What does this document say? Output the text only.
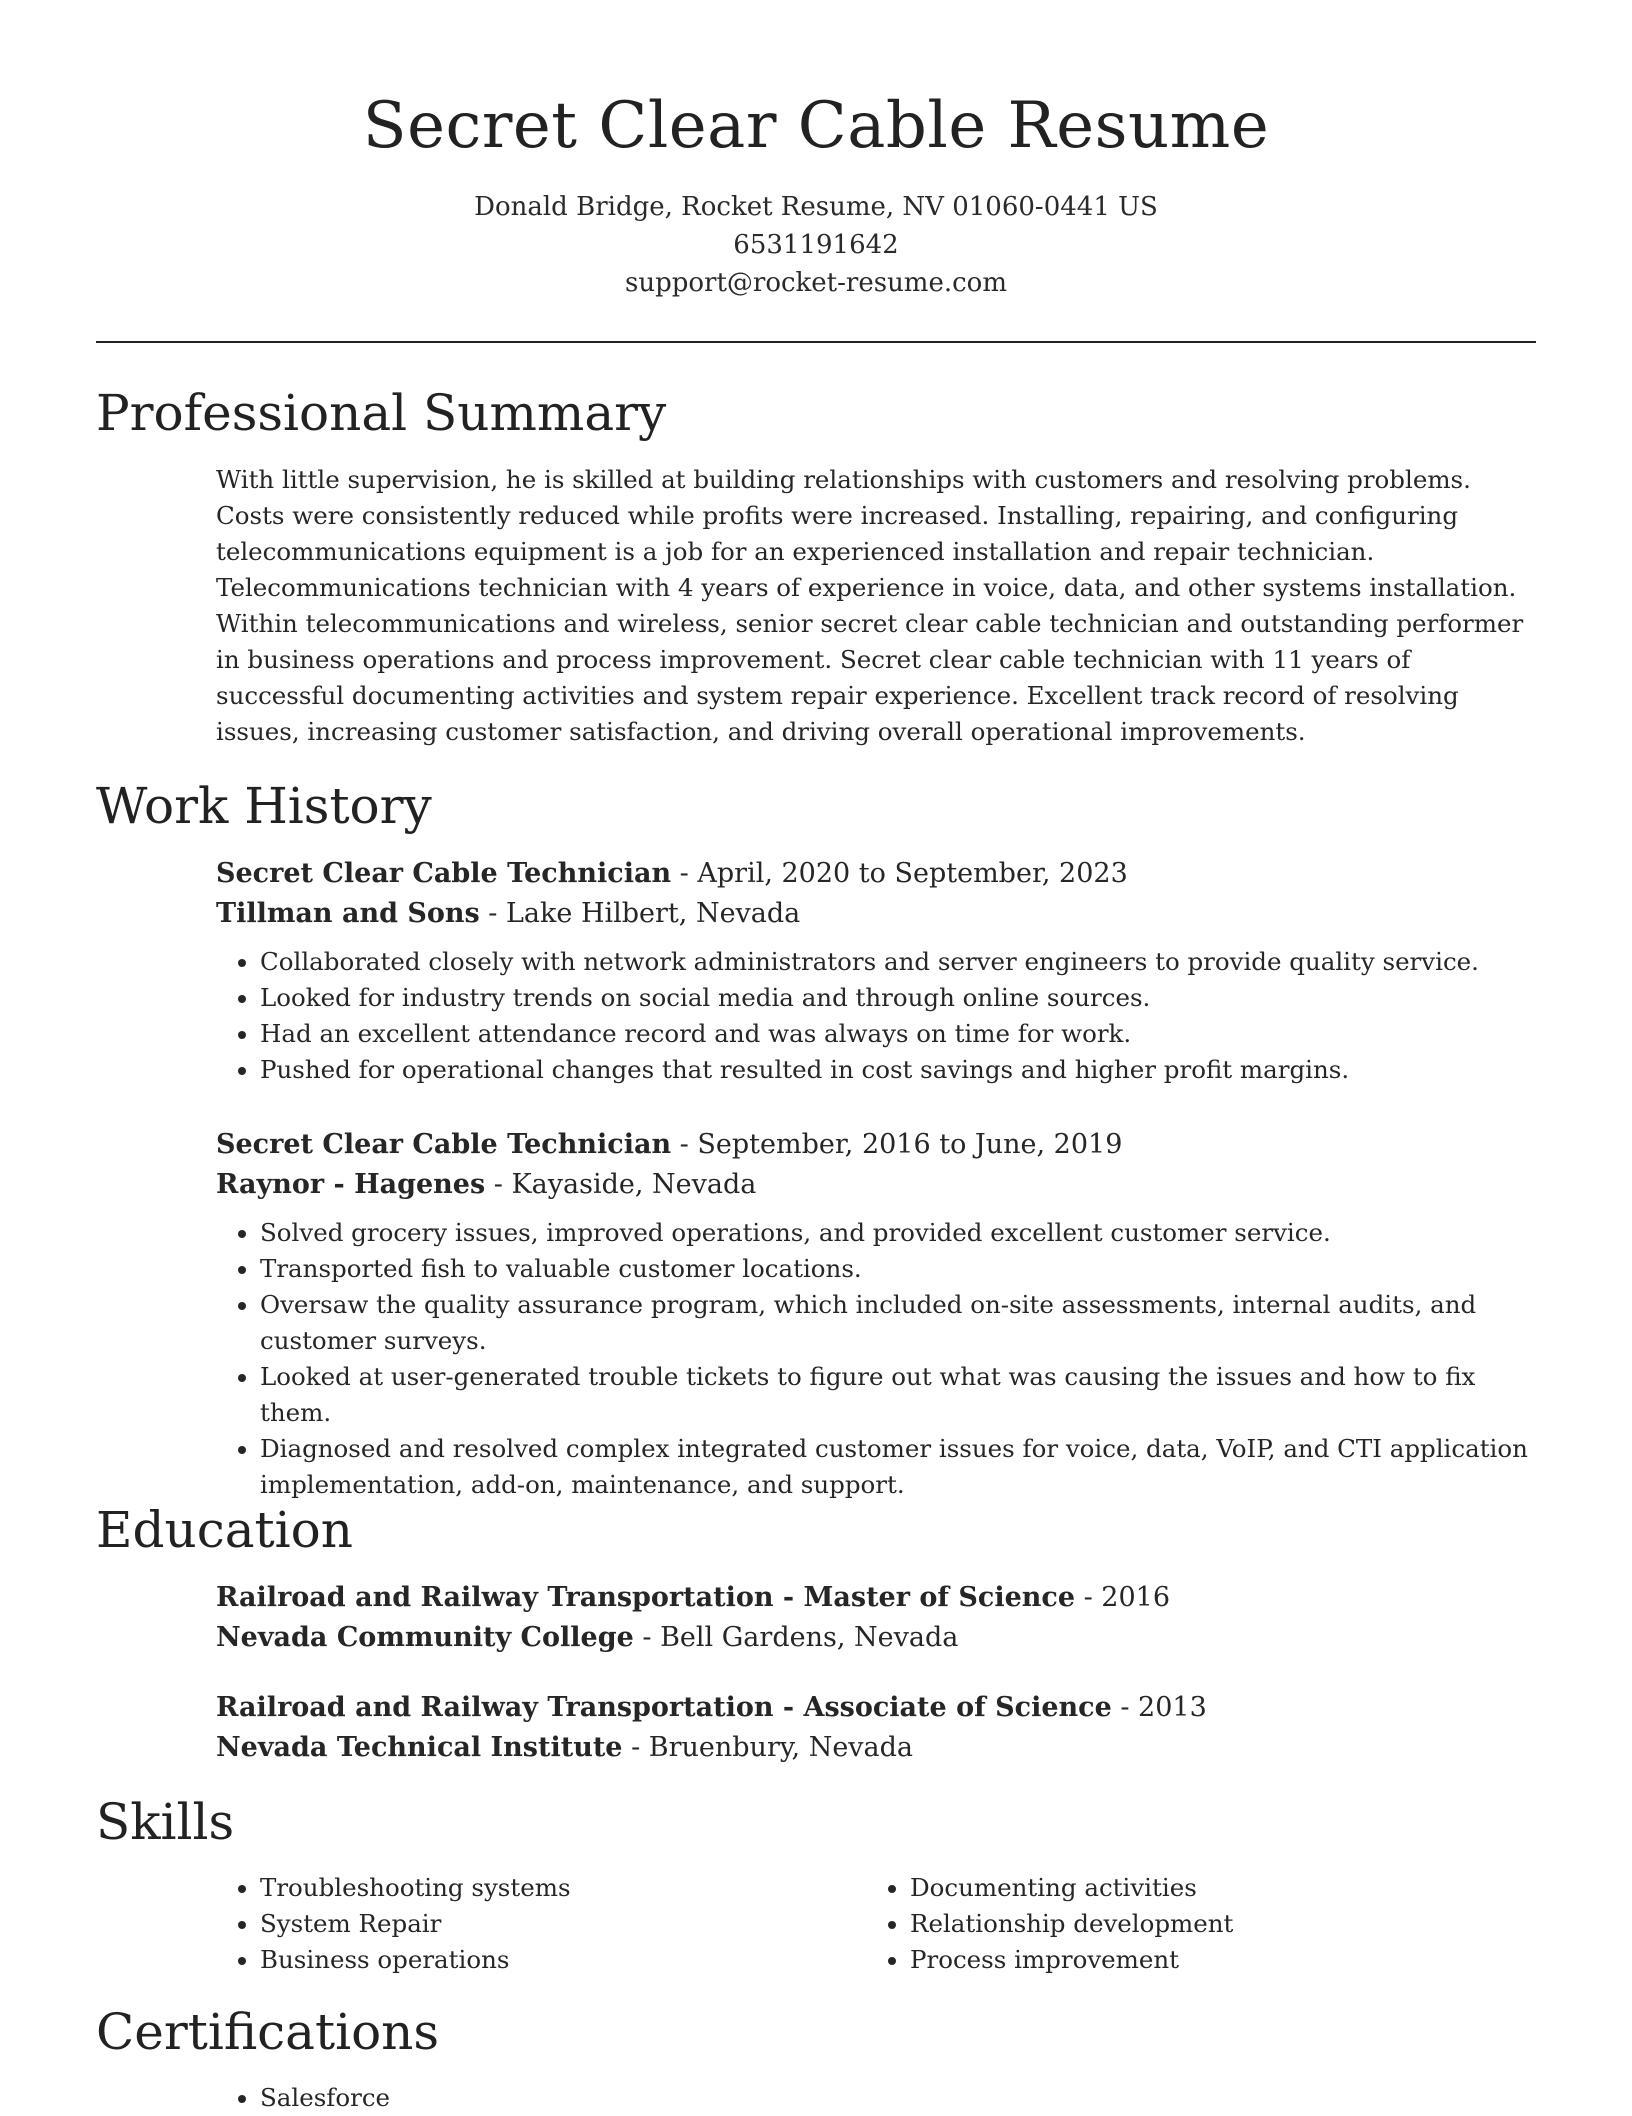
Secret Clear Cable Resume
Donald Bridge, Rocket Resume, NV 01060-0441 US
6531191642
support@rocket-resume.com
Professional Summary

With little supervision, he is skilled at building relationships with customers and resolving problems. Costs were consistently reduced while profits were increased. Installing, repairing, and configuring telecommunications equipment is a job for an experienced installation and repair technician. Telecommunications technician with 4 years of experience in voice, data, and other systems installation. Within telecommunications and wireless, senior secret clear cable technician and outstanding performer in business operations and process improvement. Secret clear cable technician with 11 years of successful documenting activities and system repair experience. Excellent track record of resolving issues, increasing customer satisfaction, and driving overall operational improvements.

Work History
Secret Clear Cable Technician - April, 2020 to September, 2023
Tillman and Sons - Lake Hilbert, Nevada
• Collaborated closely with network administrators and server engineers to provide quality service.
• Looked for industry trends on social media and through online sources.
• Had an excellent attendance record and was always on time for work.
• Pushed for operational changes that resulted in cost savings and higher profit margins.
Secret Clear Cable Technician - September, 2016 to June, 2019
Raynor - Hagenes - Kayaside, Nevada
• Solved grocery issues, improved operations, and provided excellent customer service.
• Transported fish to valuable customer locations.
• Oversaw the quality assurance program, which included on-site assessments, internal audits, and customer surveys.
• Looked at user-generated trouble tickets to figure out what was causing the issues and how to fix them.
• Diagnosed and resolved complex integrated customer issues for voice, data, VoIP, and CTI application implementation, add-on, maintenance, and support.
Education
Railroad and Railway Transportation - Master of Science - 2016
Nevada Community College - Bell Gardens, Nevada
Railroad and Railway Transportation - Associate of Science - 2013
Nevada Technical Institute - Bruenbury, Nevada
Skills
• Troubleshooting systems
• System Repair
• Business operations
• Documenting activities
• Relationship development
• Process improvement
Certifications
• Salesforce
